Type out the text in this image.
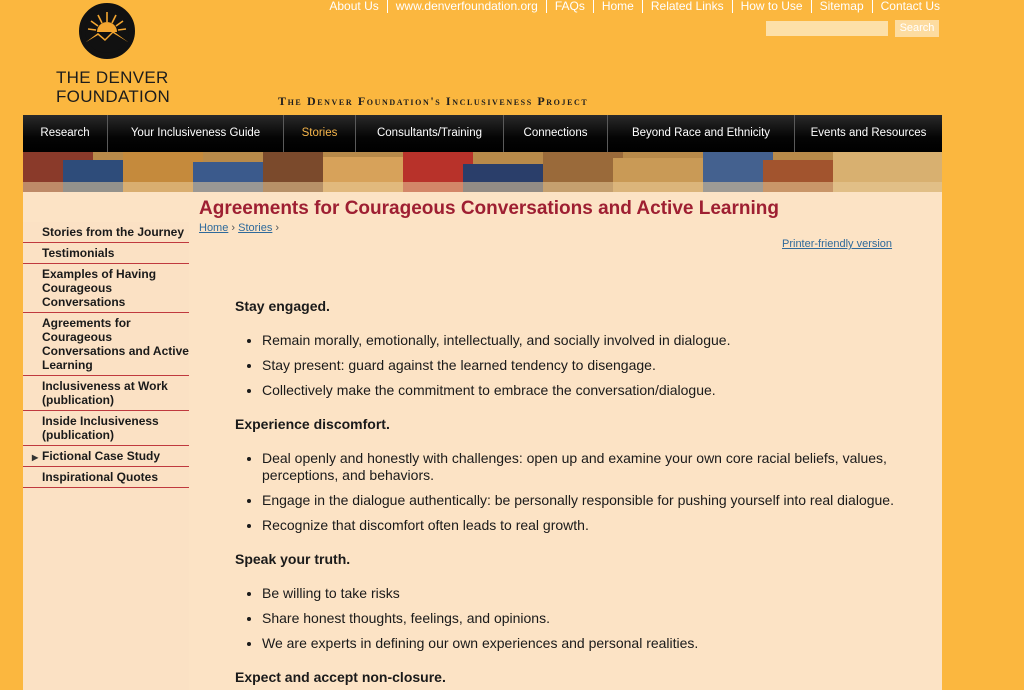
THE DENVER
FOUNDATION
About Us	www.denverfoundation.org	FAQs	Home	Related Links	How to Use	Sitemap	Contact Us
Search
The Denver Foundation's Inclusiveness Project
Research	Your Inclusiveness Guide	Stories	Consultants/Training	Connections	Beyond Race and Ethnicity	Events and Resources
Stories from the Journey
Testimonials
Examples of Having Courageous Conversations
Agreements for Courageous Conversations and Active Learning
Inclusiveness at Work (publication)
Inside Inclusiveness (publication)
▶ Fictional Case Study
Inspirational Quotes
Agreements for Courageous Conversations and Active Learning
Home › Stories ›
Printer-friendly version
Stay engaged.
• Remain morally, emotionally, intellectually, and socially involved in dialogue.
• Stay present: guard against the learned tendency to disengage.
• Collectively make the commitment to embrace the conversation/dialogue.
Experience discomfort.
• Deal openly and honestly with challenges: open up and examine your own core racial beliefs, values, perceptions, and behaviors.
• Engage in the dialogue authentically: be personally responsible for pushing yourself into real dialogue.
• Recognize that discomfort often leads to real growth.
Speak your truth.
• Be willing to take risks
• Share honest thoughts, feelings, and opinions.
• We are experts in defining our own experiences and personal realities.
Expect and accept non-closure.
